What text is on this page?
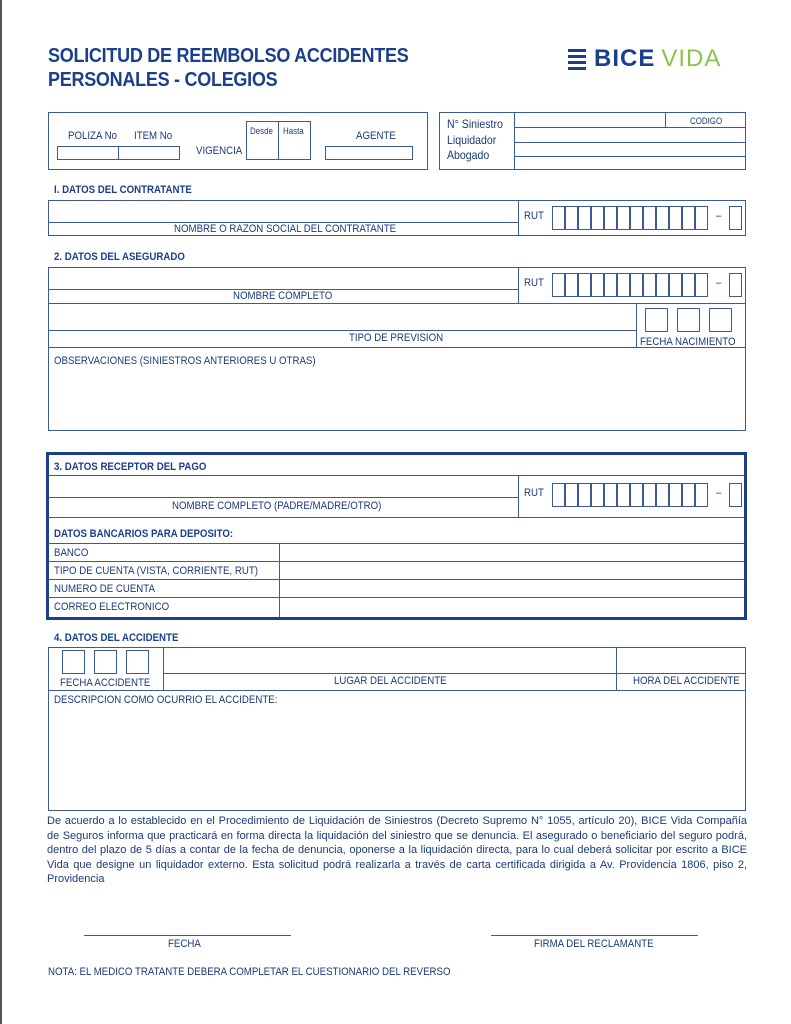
SOLICITUD DE REEMBOLSO ACCIDENTES
PERSONALES - COLEGIOS
BICE VIDA
POLIZA No ITEM No
VIGENCIA
Desde Hasta	AGENTE
CODIGO
N° Siniestro
Liquidador
Abogado
I. DATOS DEL CONTRATANTE
NOMBRE O RAZON SOCIAL DEL CONTRATANTE
RUT	–
2. DATOS DEL ASEGURADO
NOMBRE COMPLETO
RUT	–
TIPO DE PREVISION	FECHA NACIMIENTO
OBSERVACIONES (SINIESTROS ANTERIORES U OTRAS)
3. DATOS RECEPTOR DEL PAGO
NOMBRE COMPLETO (PADRE/MADRE/OTRO)
RUT	–
DATOS BANCARIOS PARA DEPOSITO:
BANCO
TIPO DE CUENTA (VISTA, CORRIENTE, RUT)
NUMERO DE CUENTA
CORREO ELECTRONICO
4. DATOS DEL ACCIDENTE
FECHA ACCIDENTE	LUGAR DEL ACCIDENTE	HORA DEL ACCIDENTE
DESCRIPCION COMO OCURRIO EL ACCIDENTE:
De acuerdo a lo establecido en el Procedimiento de Liquidación de Siniestros (Decreto Supremo N° 1055, artículo 20), BICE Vida Compañía de Seguros informa que practicará en forma directa la liquidación del siniestro que se denuncia. El asegurado o beneficiario del seguro podrá, dentro del plazo de 5 días a contar de la fecha de denuncia, oponerse a la liquidación directa, para lo cual deberá solicitar por escrito a BICE Vida que designe un liquidador externo. Esta solicitud podrá realizarla a través de carta certificada dirigida a Av. Providencia 1806, piso 2, Providencia
FECHA	FIRMA DEL RECLAMANTE
NOTA: EL MEDICO TRATANTE DEBERA COMPLETAR EL CUESTIONARIO DEL REVERSO
